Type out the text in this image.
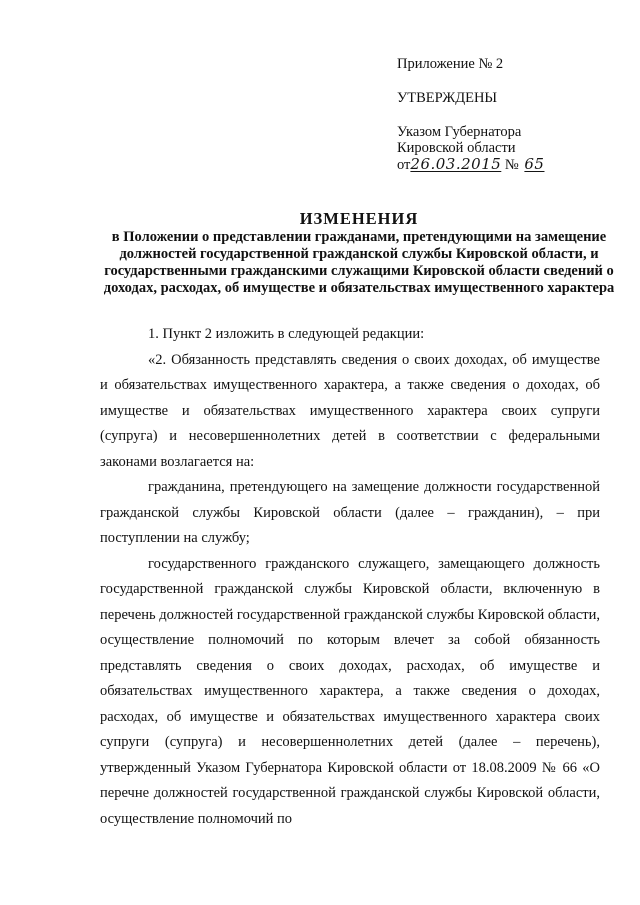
Приложение № 2
УТВЕРЖДЕНЫ
Указом Губернатора
Кировской области
от26.03.2015 № 65
ИЗМЕНЕНИЯ
в Положении о представлении гражданами, претендующими на замещение должностей государственной гражданской службы Кировской области, и государственными гражданскими служащими Кировской области сведений о доходах, расходах, об имуществе и обязательствах имущественного характера

1. Пункт 2 изложить в следующей редакции:

«2. Обязанность представлять сведения о своих доходах, об имуществе и обязательствах имущественного характера, а также сведения о доходах, об имуществе и обязательствах имущественного характера своих супруги (супруга) и несовершеннолетних детей в соответствии с федеральными законами возлагается на:

гражданина, претендующего на замещение должности государственной гражданской службы Кировской области (далее – гражданин), – при поступлении на службу;

государственного гражданского служащего, замещающего должность государственной гражданской службы Кировской области, включенную в перечень должностей государственной гражданской службы Кировской области, осуществление полномочий по которым влечет за собой обязанность представлять сведения о своих доходах, расходах, об имуществе и обязательствах имущественного характера, а также сведения о доходах, расходах, об имуществе и обязательствах имущественного характера своих супруги (супруга) и несовершеннолетних детей (далее – перечень), утвержденный Указом Губернатора Кировской области от 18.08.2009 № 66 «О перечне должностей государственной гражданской службы Кировской области, осуществление полномочий по
